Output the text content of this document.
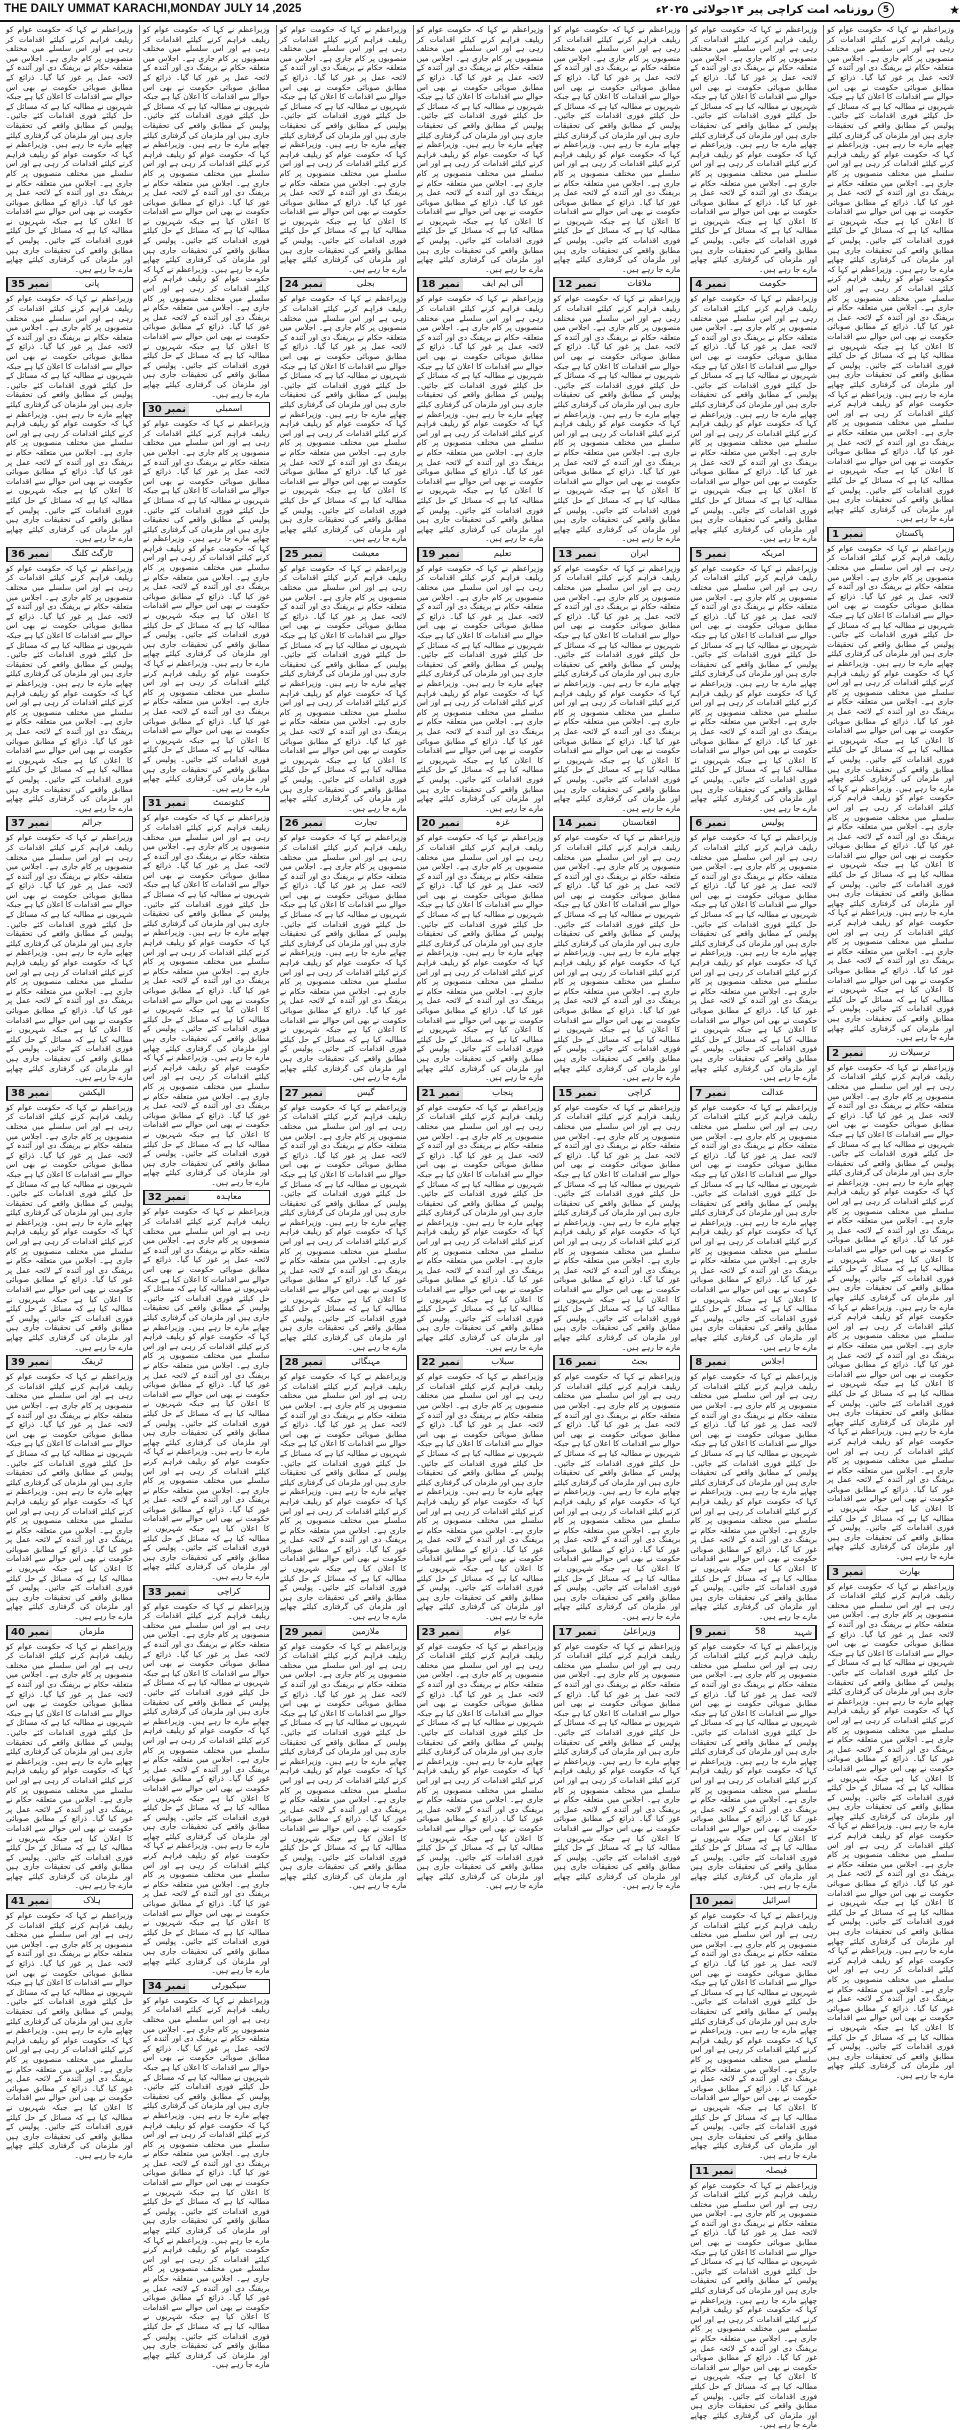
THE DAILY UMMAT KARACHI,MONDAY JULY 14 ,2025	5
روزنامہ امت کراچی پیر ۱۴جولائی ۲۰۲۵ء	★
وزیراعظم نے کہا کہ حکومت عوام کو ریلیف فراہم کرنے کیلئے اقدامات کر رہی ہے اور اس سلسلے میں مختلف منصوبوں پر کام جاری ہے۔ اجلاس میں متعلقہ حکام نے بریفنگ دی اور آئندہ کے لائحہ عمل پر غور کیا گیا۔ ذرائع کے مطابق صوبائی حکومت نے بھی اس حوالے سے اقدامات کا اعلان کیا ہے جبکہ شہریوں نے مطالبہ کیا ہے کہ مسائل کے حل کیلئے فوری اقدامات کئے جائیں۔ پولیس کے مطابق واقعے کی تحقیقات جاری ہیں اور ملزمان کی گرفتاری کیلئے چھاپے مارے جا رہے ہیں۔ وزیراعظم نے کہا کہ حکومت عوام کو ریلیف فراہم کرنے کیلئے اقدامات کر رہی ہے اور اس سلسلے میں مختلف منصوبوں پر کام جاری ہے۔ اجلاس میں متعلقہ حکام نے بریفنگ دی اور آئندہ کے لائحہ عمل پر غور کیا گیا۔ ذرائع کے مطابق صوبائی حکومت نے بھی اس حوالے سے اقدامات کا اعلان کیا ہے جبکہ شہریوں نے مطالبہ کیا ہے کہ مسائل کے حل کیلئے فوری اقدامات کئے جائیں۔ پولیس کے مطابق واقعے کی تحقیقات جاری ہیں اور ملزمان کی گرفتاری کیلئے چھاپے مارے جا رہے ہیں۔ وزیراعظم نے کہا کہ حکومت عوام کو ریلیف فراہم کرنے کیلئے اقدامات کر رہی ہے اور اس سلسلے میں مختلف منصوبوں پر کام جاری ہے۔ اجلاس میں متعلقہ حکام نے بریفنگ دی اور آئندہ کے لائحہ عمل پر غور کیا گیا۔ ذرائع کے مطابق صوبائی حکومت نے بھی اس حوالے سے اقدامات کا اعلان کیا ہے جبکہ شہریوں نے مطالبہ کیا ہے کہ مسائل کے حل کیلئے فوری اقدامات کئے جائیں۔ پولیس کے مطابق واقعے کی تحقیقات جاری ہیں اور ملزمان کی گرفتاری کیلئے چھاپے مارے جا رہے ہیں۔ وزیراعظم نے کہا کہ حکومت عوام کو ریلیف فراہم کرنے کیلئے اقدامات کر رہی ہے اور اس سلسلے میں مختلف منصوبوں پر کام جاری ہے۔ اجلاس میں متعلقہ حکام نے بریفنگ دی اور آئندہ کے لائحہ عمل پر غور کیا گیا۔ ذرائع کے مطابق صوبائی حکومت نے بھی اس حوالے سے اقدامات کا اعلان کیا ہے جبکہ شہریوں نے مطالبہ کیا ہے کہ مسائل کے حل کیلئے فوری اقدامات کئے جائیں۔ پولیس کے مطابق واقعے کی تحقیقات جاری ہیں اور ملزمان کی گرفتاری کیلئے چھاپے مارے جا رہے ہیں۔
نمبر 1	پاکستان
وزیراعظم نے کہا کہ حکومت عوام کو ریلیف فراہم کرنے کیلئے اقدامات کر رہی ہے اور اس سلسلے میں مختلف منصوبوں پر کام جاری ہے۔ اجلاس میں متعلقہ حکام نے بریفنگ دی اور آئندہ کے لائحہ عمل پر غور کیا گیا۔ ذرائع کے مطابق صوبائی حکومت نے بھی اس حوالے سے اقدامات کا اعلان کیا ہے جبکہ شہریوں نے مطالبہ کیا ہے کہ مسائل کے حل کیلئے فوری اقدامات کئے جائیں۔ پولیس کے مطابق واقعے کی تحقیقات جاری ہیں اور ملزمان کی گرفتاری کیلئے چھاپے مارے جا رہے ہیں۔ وزیراعظم نے کہا کہ حکومت عوام کو ریلیف فراہم کرنے کیلئے اقدامات کر رہی ہے اور اس سلسلے میں مختلف منصوبوں پر کام جاری ہے۔ اجلاس میں متعلقہ حکام نے بریفنگ دی اور آئندہ کے لائحہ عمل پر غور کیا گیا۔ ذرائع کے مطابق صوبائی حکومت نے بھی اس حوالے سے اقدامات کا اعلان کیا ہے جبکہ شہریوں نے مطالبہ کیا ہے کہ مسائل کے حل کیلئے فوری اقدامات کئے جائیں۔ پولیس کے مطابق واقعے کی تحقیقات جاری ہیں اور ملزمان کی گرفتاری کیلئے چھاپے مارے جا رہے ہیں۔ وزیراعظم نے کہا کہ حکومت عوام کو ریلیف فراہم کرنے کیلئے اقدامات کر رہی ہے اور اس سلسلے میں مختلف منصوبوں پر کام جاری ہے۔ اجلاس میں متعلقہ حکام نے بریفنگ دی اور آئندہ کے لائحہ عمل پر غور کیا گیا۔ ذرائع کے مطابق صوبائی حکومت نے بھی اس حوالے سے اقدامات کا اعلان کیا ہے جبکہ شہریوں نے مطالبہ کیا ہے کہ مسائل کے حل کیلئے فوری اقدامات کئے جائیں۔ پولیس کے مطابق واقعے کی تحقیقات جاری ہیں اور ملزمان کی گرفتاری کیلئے چھاپے مارے جا رہے ہیں۔ وزیراعظم نے کہا کہ حکومت عوام کو ریلیف فراہم کرنے کیلئے اقدامات کر رہی ہے اور اس سلسلے میں مختلف منصوبوں پر کام جاری ہے۔ اجلاس میں متعلقہ حکام نے بریفنگ دی اور آئندہ کے لائحہ عمل پر غور کیا گیا۔ ذرائع کے مطابق صوبائی حکومت نے بھی اس حوالے سے اقدامات کا اعلان کیا ہے جبکہ شہریوں نے مطالبہ کیا ہے کہ مسائل کے حل کیلئے فوری اقدامات کئے جائیں۔ پولیس کے مطابق واقعے کی تحقیقات جاری ہیں اور ملزمان کی گرفتاری کیلئے چھاپے مارے جا رہے ہیں۔
نمبر 2	ترسیلات زر
وزیراعظم نے کہا کہ حکومت عوام کو ریلیف فراہم کرنے کیلئے اقدامات کر رہی ہے اور اس سلسلے میں مختلف منصوبوں پر کام جاری ہے۔ اجلاس میں متعلقہ حکام نے بریفنگ دی اور آئندہ کے لائحہ عمل پر غور کیا گیا۔ ذرائع کے مطابق صوبائی حکومت نے بھی اس حوالے سے اقدامات کا اعلان کیا ہے جبکہ شہریوں نے مطالبہ کیا ہے کہ مسائل کے حل کیلئے فوری اقدامات کئے جائیں۔ پولیس کے مطابق واقعے کی تحقیقات جاری ہیں اور ملزمان کی گرفتاری کیلئے چھاپے مارے جا رہے ہیں۔ وزیراعظم نے کہا کہ حکومت عوام کو ریلیف فراہم کرنے کیلئے اقدامات کر رہی ہے اور اس سلسلے میں مختلف منصوبوں پر کام جاری ہے۔ اجلاس میں متعلقہ حکام نے بریفنگ دی اور آئندہ کے لائحہ عمل پر غور کیا گیا۔ ذرائع کے مطابق صوبائی حکومت نے بھی اس حوالے سے اقدامات کا اعلان کیا ہے جبکہ شہریوں نے مطالبہ کیا ہے کہ مسائل کے حل کیلئے فوری اقدامات کئے جائیں۔ پولیس کے مطابق واقعے کی تحقیقات جاری ہیں اور ملزمان کی گرفتاری کیلئے چھاپے مارے جا رہے ہیں۔ وزیراعظم نے کہا کہ حکومت عوام کو ریلیف فراہم کرنے کیلئے اقدامات کر رہی ہے اور اس سلسلے میں مختلف منصوبوں پر کام جاری ہے۔ اجلاس میں متعلقہ حکام نے بریفنگ دی اور آئندہ کے لائحہ عمل پر غور کیا گیا۔ ذرائع کے مطابق صوبائی حکومت نے بھی اس حوالے سے اقدامات کا اعلان کیا ہے جبکہ شہریوں نے مطالبہ کیا ہے کہ مسائل کے حل کیلئے فوری اقدامات کئے جائیں۔ پولیس کے مطابق واقعے کی تحقیقات جاری ہیں اور ملزمان کی گرفتاری کیلئے چھاپے مارے جا رہے ہیں۔ وزیراعظم نے کہا کہ حکومت عوام کو ریلیف فراہم کرنے کیلئے اقدامات کر رہی ہے اور اس سلسلے میں مختلف منصوبوں پر کام جاری ہے۔ اجلاس میں متعلقہ حکام نے بریفنگ دی اور آئندہ کے لائحہ عمل پر غور کیا گیا۔ ذرائع کے مطابق صوبائی حکومت نے بھی اس حوالے سے اقدامات کا اعلان کیا ہے جبکہ شہریوں نے مطالبہ کیا ہے کہ مسائل کے حل کیلئے فوری اقدامات کئے جائیں۔ پولیس کے مطابق واقعے کی تحقیقات جاری ہیں اور ملزمان کی گرفتاری کیلئے چھاپے مارے جا رہے ہیں۔
نمبر 3	بھارت
وزیراعظم نے کہا کہ حکومت عوام کو ریلیف فراہم کرنے کیلئے اقدامات کر رہی ہے اور اس سلسلے میں مختلف منصوبوں پر کام جاری ہے۔ اجلاس میں متعلقہ حکام نے بریفنگ دی اور آئندہ کے لائحہ عمل پر غور کیا گیا۔ ذرائع کے مطابق صوبائی حکومت نے بھی اس حوالے سے اقدامات کا اعلان کیا ہے جبکہ شہریوں نے مطالبہ کیا ہے کہ مسائل کے حل کیلئے فوری اقدامات کئے جائیں۔ پولیس کے مطابق واقعے کی تحقیقات جاری ہیں اور ملزمان کی گرفتاری کیلئے چھاپے مارے جا رہے ہیں۔ وزیراعظم نے کہا کہ حکومت عوام کو ریلیف فراہم کرنے کیلئے اقدامات کر رہی ہے اور اس سلسلے میں مختلف منصوبوں پر کام جاری ہے۔ اجلاس میں متعلقہ حکام نے بریفنگ دی اور آئندہ کے لائحہ عمل پر غور کیا گیا۔ ذرائع کے مطابق صوبائی حکومت نے بھی اس حوالے سے اقدامات کا اعلان کیا ہے جبکہ شہریوں نے مطالبہ کیا ہے کہ مسائل کے حل کیلئے فوری اقدامات کئے جائیں۔ پولیس کے مطابق واقعے کی تحقیقات جاری ہیں اور ملزمان کی گرفتاری کیلئے چھاپے مارے جا رہے ہیں۔ وزیراعظم نے کہا کہ حکومت عوام کو ریلیف فراہم کرنے کیلئے اقدامات کر رہی ہے اور اس سلسلے میں مختلف منصوبوں پر کام جاری ہے۔ اجلاس میں متعلقہ حکام نے بریفنگ دی اور آئندہ کے لائحہ عمل پر غور کیا گیا۔ ذرائع کے مطابق صوبائی حکومت نے بھی اس حوالے سے اقدامات کا اعلان کیا ہے جبکہ شہریوں نے مطالبہ کیا ہے کہ مسائل کے حل کیلئے فوری اقدامات کئے جائیں۔ پولیس کے مطابق واقعے کی تحقیقات جاری ہیں اور ملزمان کی گرفتاری کیلئے چھاپے مارے جا رہے ہیں۔ وزیراعظم نے کہا کہ حکومت عوام کو ریلیف فراہم کرنے کیلئے اقدامات کر رہی ہے اور اس سلسلے میں مختلف منصوبوں پر کام جاری ہے۔ اجلاس میں متعلقہ حکام نے بریفنگ دی اور آئندہ کے لائحہ عمل پر غور کیا گیا۔ ذرائع کے مطابق صوبائی حکومت نے بھی اس حوالے سے اقدامات کا اعلان کیا ہے جبکہ شہریوں نے مطالبہ کیا ہے کہ مسائل کے حل کیلئے فوری اقدامات کئے جائیں۔ پولیس کے مطابق واقعے کی تحقیقات جاری ہیں اور ملزمان کی گرفتاری کیلئے چھاپے مارے جا رہے ہیں۔
وزیراعظم نے کہا کہ حکومت عوام کو ریلیف فراہم کرنے کیلئے اقدامات کر رہی ہے اور اس سلسلے میں مختلف منصوبوں پر کام جاری ہے۔ اجلاس میں متعلقہ حکام نے بریفنگ دی اور آئندہ کے لائحہ عمل پر غور کیا گیا۔ ذرائع کے مطابق صوبائی حکومت نے بھی اس حوالے سے اقدامات کا اعلان کیا ہے جبکہ شہریوں نے مطالبہ کیا ہے کہ مسائل کے حل کیلئے فوری اقدامات کئے جائیں۔ پولیس کے مطابق واقعے کی تحقیقات جاری ہیں اور ملزمان کی گرفتاری کیلئے چھاپے مارے جا رہے ہیں۔ وزیراعظم نے کہا کہ حکومت عوام کو ریلیف فراہم کرنے کیلئے اقدامات کر رہی ہے اور اس سلسلے میں مختلف منصوبوں پر کام جاری ہے۔ اجلاس میں متعلقہ حکام نے بریفنگ دی اور آئندہ کے لائحہ عمل پر غور کیا گیا۔ ذرائع کے مطابق صوبائی حکومت نے بھی اس حوالے سے اقدامات کا اعلان کیا ہے جبکہ شہریوں نے مطالبہ کیا ہے کہ مسائل کے حل کیلئے فوری اقدامات کئے جائیں۔ پولیس کے مطابق واقعے کی تحقیقات جاری ہیں اور ملزمان کی گرفتاری کیلئے چھاپے مارے جا رہے ہیں۔
نمبر 4	حکومت
وزیراعظم نے کہا کہ حکومت عوام کو ریلیف فراہم کرنے کیلئے اقدامات کر رہی ہے اور اس سلسلے میں مختلف منصوبوں پر کام جاری ہے۔ اجلاس میں متعلقہ حکام نے بریفنگ دی اور آئندہ کے لائحہ عمل پر غور کیا گیا۔ ذرائع کے مطابق صوبائی حکومت نے بھی اس حوالے سے اقدامات کا اعلان کیا ہے جبکہ شہریوں نے مطالبہ کیا ہے کہ مسائل کے حل کیلئے فوری اقدامات کئے جائیں۔ پولیس کے مطابق واقعے کی تحقیقات جاری ہیں اور ملزمان کی گرفتاری کیلئے چھاپے مارے جا رہے ہیں۔ وزیراعظم نے کہا کہ حکومت عوام کو ریلیف فراہم کرنے کیلئے اقدامات کر رہی ہے اور اس سلسلے میں مختلف منصوبوں پر کام جاری ہے۔ اجلاس میں متعلقہ حکام نے بریفنگ دی اور آئندہ کے لائحہ عمل پر غور کیا گیا۔ ذرائع کے مطابق صوبائی حکومت نے بھی اس حوالے سے اقدامات کا اعلان کیا ہے جبکہ شہریوں نے مطالبہ کیا ہے کہ مسائل کے حل کیلئے فوری اقدامات کئے جائیں۔ پولیس کے مطابق واقعے کی تحقیقات جاری ہیں اور ملزمان کی گرفتاری کیلئے چھاپے مارے جا رہے ہیں۔
نمبر 5	امریکہ
وزیراعظم نے کہا کہ حکومت عوام کو ریلیف فراہم کرنے کیلئے اقدامات کر رہی ہے اور اس سلسلے میں مختلف منصوبوں پر کام جاری ہے۔ اجلاس میں متعلقہ حکام نے بریفنگ دی اور آئندہ کے لائحہ عمل پر غور کیا گیا۔ ذرائع کے مطابق صوبائی حکومت نے بھی اس حوالے سے اقدامات کا اعلان کیا ہے جبکہ شہریوں نے مطالبہ کیا ہے کہ مسائل کے حل کیلئے فوری اقدامات کئے جائیں۔ پولیس کے مطابق واقعے کی تحقیقات جاری ہیں اور ملزمان کی گرفتاری کیلئے چھاپے مارے جا رہے ہیں۔ وزیراعظم نے کہا کہ حکومت عوام کو ریلیف فراہم کرنے کیلئے اقدامات کر رہی ہے اور اس سلسلے میں مختلف منصوبوں پر کام جاری ہے۔ اجلاس میں متعلقہ حکام نے بریفنگ دی اور آئندہ کے لائحہ عمل پر غور کیا گیا۔ ذرائع کے مطابق صوبائی حکومت نے بھی اس حوالے سے اقدامات کا اعلان کیا ہے جبکہ شہریوں نے مطالبہ کیا ہے کہ مسائل کے حل کیلئے فوری اقدامات کئے جائیں۔ پولیس کے مطابق واقعے کی تحقیقات جاری ہیں اور ملزمان کی گرفتاری کیلئے چھاپے مارے جا رہے ہیں۔
نمبر 6	پولیس
وزیراعظم نے کہا کہ حکومت عوام کو ریلیف فراہم کرنے کیلئے اقدامات کر رہی ہے اور اس سلسلے میں مختلف منصوبوں پر کام جاری ہے۔ اجلاس میں متعلقہ حکام نے بریفنگ دی اور آئندہ کے لائحہ عمل پر غور کیا گیا۔ ذرائع کے مطابق صوبائی حکومت نے بھی اس حوالے سے اقدامات کا اعلان کیا ہے جبکہ شہریوں نے مطالبہ کیا ہے کہ مسائل کے حل کیلئے فوری اقدامات کئے جائیں۔ پولیس کے مطابق واقعے کی تحقیقات جاری ہیں اور ملزمان کی گرفتاری کیلئے چھاپے مارے جا رہے ہیں۔ وزیراعظم نے کہا کہ حکومت عوام کو ریلیف فراہم کرنے کیلئے اقدامات کر رہی ہے اور اس سلسلے میں مختلف منصوبوں پر کام جاری ہے۔ اجلاس میں متعلقہ حکام نے بریفنگ دی اور آئندہ کے لائحہ عمل پر غور کیا گیا۔ ذرائع کے مطابق صوبائی حکومت نے بھی اس حوالے سے اقدامات کا اعلان کیا ہے جبکہ شہریوں نے مطالبہ کیا ہے کہ مسائل کے حل کیلئے فوری اقدامات کئے جائیں۔ پولیس کے مطابق واقعے کی تحقیقات جاری ہیں اور ملزمان کی گرفتاری کیلئے چھاپے مارے جا رہے ہیں۔
نمبر 7	عدالت
وزیراعظم نے کہا کہ حکومت عوام کو ریلیف فراہم کرنے کیلئے اقدامات کر رہی ہے اور اس سلسلے میں مختلف منصوبوں پر کام جاری ہے۔ اجلاس میں متعلقہ حکام نے بریفنگ دی اور آئندہ کے لائحہ عمل پر غور کیا گیا۔ ذرائع کے مطابق صوبائی حکومت نے بھی اس حوالے سے اقدامات کا اعلان کیا ہے جبکہ شہریوں نے مطالبہ کیا ہے کہ مسائل کے حل کیلئے فوری اقدامات کئے جائیں۔ پولیس کے مطابق واقعے کی تحقیقات جاری ہیں اور ملزمان کی گرفتاری کیلئے چھاپے مارے جا رہے ہیں۔ وزیراعظم نے کہا کہ حکومت عوام کو ریلیف فراہم کرنے کیلئے اقدامات کر رہی ہے اور اس سلسلے میں مختلف منصوبوں پر کام جاری ہے۔ اجلاس میں متعلقہ حکام نے بریفنگ دی اور آئندہ کے لائحہ عمل پر غور کیا گیا۔ ذرائع کے مطابق صوبائی حکومت نے بھی اس حوالے سے اقدامات کا اعلان کیا ہے جبکہ شہریوں نے مطالبہ کیا ہے کہ مسائل کے حل کیلئے فوری اقدامات کئے جائیں۔ پولیس کے مطابق واقعے کی تحقیقات جاری ہیں اور ملزمان کی گرفتاری کیلئے چھاپے مارے جا رہے ہیں۔
نمبر 8	اجلاس
وزیراعظم نے کہا کہ حکومت عوام کو ریلیف فراہم کرنے کیلئے اقدامات کر رہی ہے اور اس سلسلے میں مختلف منصوبوں پر کام جاری ہے۔ اجلاس میں متعلقہ حکام نے بریفنگ دی اور آئندہ کے لائحہ عمل پر غور کیا گیا۔ ذرائع کے مطابق صوبائی حکومت نے بھی اس حوالے سے اقدامات کا اعلان کیا ہے جبکہ شہریوں نے مطالبہ کیا ہے کہ مسائل کے حل کیلئے فوری اقدامات کئے جائیں۔ پولیس کے مطابق واقعے کی تحقیقات جاری ہیں اور ملزمان کی گرفتاری کیلئے چھاپے مارے جا رہے ہیں۔ وزیراعظم نے کہا کہ حکومت عوام کو ریلیف فراہم کرنے کیلئے اقدامات کر رہی ہے اور اس سلسلے میں مختلف منصوبوں پر کام جاری ہے۔ اجلاس میں متعلقہ حکام نے بریفنگ دی اور آئندہ کے لائحہ عمل پر غور کیا گیا۔ ذرائع کے مطابق صوبائی حکومت نے بھی اس حوالے سے اقدامات کا اعلان کیا ہے جبکہ شہریوں نے مطالبہ کیا ہے کہ مسائل کے حل کیلئے فوری اقدامات کئے جائیں۔ پولیس کے مطابق واقعے کی تحقیقات جاری ہیں اور ملزمان کی گرفتاری کیلئے چھاپے مارے جا رہے ہیں۔
نمبر 9	58	شہید
وزیراعظم نے کہا کہ حکومت عوام کو ریلیف فراہم کرنے کیلئے اقدامات کر رہی ہے اور اس سلسلے میں مختلف منصوبوں پر کام جاری ہے۔ اجلاس میں متعلقہ حکام نے بریفنگ دی اور آئندہ کے لائحہ عمل پر غور کیا گیا۔ ذرائع کے مطابق صوبائی حکومت نے بھی اس حوالے سے اقدامات کا اعلان کیا ہے جبکہ شہریوں نے مطالبہ کیا ہے کہ مسائل کے حل کیلئے فوری اقدامات کئے جائیں۔ پولیس کے مطابق واقعے کی تحقیقات جاری ہیں اور ملزمان کی گرفتاری کیلئے چھاپے مارے جا رہے ہیں۔ وزیراعظم نے کہا کہ حکومت عوام کو ریلیف فراہم کرنے کیلئے اقدامات کر رہی ہے اور اس سلسلے میں مختلف منصوبوں پر کام جاری ہے۔ اجلاس میں متعلقہ حکام نے بریفنگ دی اور آئندہ کے لائحہ عمل پر غور کیا گیا۔ ذرائع کے مطابق صوبائی حکومت نے بھی اس حوالے سے اقدامات کا اعلان کیا ہے جبکہ شہریوں نے مطالبہ کیا ہے کہ مسائل کے حل کیلئے فوری اقدامات کئے جائیں۔ پولیس کے مطابق واقعے کی تحقیقات جاری ہیں اور ملزمان کی گرفتاری کیلئے چھاپے مارے جا رہے ہیں۔
نمبر 10	اسرائیل
وزیراعظم نے کہا کہ حکومت عوام کو ریلیف فراہم کرنے کیلئے اقدامات کر رہی ہے اور اس سلسلے میں مختلف منصوبوں پر کام جاری ہے۔ اجلاس میں متعلقہ حکام نے بریفنگ دی اور آئندہ کے لائحہ عمل پر غور کیا گیا۔ ذرائع کے مطابق صوبائی حکومت نے بھی اس حوالے سے اقدامات کا اعلان کیا ہے جبکہ شہریوں نے مطالبہ کیا ہے کہ مسائل کے حل کیلئے فوری اقدامات کئے جائیں۔ پولیس کے مطابق واقعے کی تحقیقات جاری ہیں اور ملزمان کی گرفتاری کیلئے چھاپے مارے جا رہے ہیں۔ وزیراعظم نے کہا کہ حکومت عوام کو ریلیف فراہم کرنے کیلئے اقدامات کر رہی ہے اور اس سلسلے میں مختلف منصوبوں پر کام جاری ہے۔ اجلاس میں متعلقہ حکام نے بریفنگ دی اور آئندہ کے لائحہ عمل پر غور کیا گیا۔ ذرائع کے مطابق صوبائی حکومت نے بھی اس حوالے سے اقدامات کا اعلان کیا ہے جبکہ شہریوں نے مطالبہ کیا ہے کہ مسائل کے حل کیلئے فوری اقدامات کئے جائیں۔ پولیس کے مطابق واقعے کی تحقیقات جاری ہیں اور ملزمان کی گرفتاری کیلئے چھاپے مارے جا رہے ہیں۔
نمبر 11	فیصلہ
وزیراعظم نے کہا کہ حکومت عوام کو ریلیف فراہم کرنے کیلئے اقدامات کر رہی ہے اور اس سلسلے میں مختلف منصوبوں پر کام جاری ہے۔ اجلاس میں متعلقہ حکام نے بریفنگ دی اور آئندہ کے لائحہ عمل پر غور کیا گیا۔ ذرائع کے مطابق صوبائی حکومت نے بھی اس حوالے سے اقدامات کا اعلان کیا ہے جبکہ شہریوں نے مطالبہ کیا ہے کہ مسائل کے حل کیلئے فوری اقدامات کئے جائیں۔ پولیس کے مطابق واقعے کی تحقیقات جاری ہیں اور ملزمان کی گرفتاری کیلئے چھاپے مارے جا رہے ہیں۔ وزیراعظم نے کہا کہ حکومت عوام کو ریلیف فراہم کرنے کیلئے اقدامات کر رہی ہے اور اس سلسلے میں مختلف منصوبوں پر کام جاری ہے۔ اجلاس میں متعلقہ حکام نے بریفنگ دی اور آئندہ کے لائحہ عمل پر غور کیا گیا۔ ذرائع کے مطابق صوبائی حکومت نے بھی اس حوالے سے اقدامات کا اعلان کیا ہے جبکہ شہریوں نے مطالبہ کیا ہے کہ مسائل کے حل کیلئے فوری اقدامات کئے جائیں۔ پولیس کے مطابق واقعے کی تحقیقات جاری ہیں اور ملزمان کی گرفتاری کیلئے چھاپے مارے جا رہے ہیں۔
وزیراعظم نے کہا کہ حکومت عوام کو ریلیف فراہم کرنے کیلئے اقدامات کر رہی ہے اور اس سلسلے میں مختلف منصوبوں پر کام جاری ہے۔ اجلاس میں متعلقہ حکام نے بریفنگ دی اور آئندہ کے لائحہ عمل پر غور کیا گیا۔ ذرائع کے مطابق صوبائی حکومت نے بھی اس حوالے سے اقدامات کا اعلان کیا ہے جبکہ شہریوں نے مطالبہ کیا ہے کہ مسائل کے حل کیلئے فوری اقدامات کئے جائیں۔ پولیس کے مطابق واقعے کی تحقیقات جاری ہیں اور ملزمان کی گرفتاری کیلئے چھاپے مارے جا رہے ہیں۔ وزیراعظم نے کہا کہ حکومت عوام کو ریلیف فراہم کرنے کیلئے اقدامات کر رہی ہے اور اس سلسلے میں مختلف منصوبوں پر کام جاری ہے۔ اجلاس میں متعلقہ حکام نے بریفنگ دی اور آئندہ کے لائحہ عمل پر غور کیا گیا۔ ذرائع کے مطابق صوبائی حکومت نے بھی اس حوالے سے اقدامات کا اعلان کیا ہے جبکہ شہریوں نے مطالبہ کیا ہے کہ مسائل کے حل کیلئے فوری اقدامات کئے جائیں۔ پولیس کے مطابق واقعے کی تحقیقات جاری ہیں اور ملزمان کی گرفتاری کیلئے چھاپے مارے جا رہے ہیں۔
نمبر 12	ملاقات
وزیراعظم نے کہا کہ حکومت عوام کو ریلیف فراہم کرنے کیلئے اقدامات کر رہی ہے اور اس سلسلے میں مختلف منصوبوں پر کام جاری ہے۔ اجلاس میں متعلقہ حکام نے بریفنگ دی اور آئندہ کے لائحہ عمل پر غور کیا گیا۔ ذرائع کے مطابق صوبائی حکومت نے بھی اس حوالے سے اقدامات کا اعلان کیا ہے جبکہ شہریوں نے مطالبہ کیا ہے کہ مسائل کے حل کیلئے فوری اقدامات کئے جائیں۔ پولیس کے مطابق واقعے کی تحقیقات جاری ہیں اور ملزمان کی گرفتاری کیلئے چھاپے مارے جا رہے ہیں۔ وزیراعظم نے کہا کہ حکومت عوام کو ریلیف فراہم کرنے کیلئے اقدامات کر رہی ہے اور اس سلسلے میں مختلف منصوبوں پر کام جاری ہے۔ اجلاس میں متعلقہ حکام نے بریفنگ دی اور آئندہ کے لائحہ عمل پر غور کیا گیا۔ ذرائع کے مطابق صوبائی حکومت نے بھی اس حوالے سے اقدامات کا اعلان کیا ہے جبکہ شہریوں نے مطالبہ کیا ہے کہ مسائل کے حل کیلئے فوری اقدامات کئے جائیں۔ پولیس کے مطابق واقعے کی تحقیقات جاری ہیں اور ملزمان کی گرفتاری کیلئے چھاپے مارے جا رہے ہیں۔
نمبر 13	ایران
وزیراعظم نے کہا کہ حکومت عوام کو ریلیف فراہم کرنے کیلئے اقدامات کر رہی ہے اور اس سلسلے میں مختلف منصوبوں پر کام جاری ہے۔ اجلاس میں متعلقہ حکام نے بریفنگ دی اور آئندہ کے لائحہ عمل پر غور کیا گیا۔ ذرائع کے مطابق صوبائی حکومت نے بھی اس حوالے سے اقدامات کا اعلان کیا ہے جبکہ شہریوں نے مطالبہ کیا ہے کہ مسائل کے حل کیلئے فوری اقدامات کئے جائیں۔ پولیس کے مطابق واقعے کی تحقیقات جاری ہیں اور ملزمان کی گرفتاری کیلئے چھاپے مارے جا رہے ہیں۔ وزیراعظم نے کہا کہ حکومت عوام کو ریلیف فراہم کرنے کیلئے اقدامات کر رہی ہے اور اس سلسلے میں مختلف منصوبوں پر کام جاری ہے۔ اجلاس میں متعلقہ حکام نے بریفنگ دی اور آئندہ کے لائحہ عمل پر غور کیا گیا۔ ذرائع کے مطابق صوبائی حکومت نے بھی اس حوالے سے اقدامات کا اعلان کیا ہے جبکہ شہریوں نے مطالبہ کیا ہے کہ مسائل کے حل کیلئے فوری اقدامات کئے جائیں۔ پولیس کے مطابق واقعے کی تحقیقات جاری ہیں اور ملزمان کی گرفتاری کیلئے چھاپے مارے جا رہے ہیں۔
نمبر 14	افغانستان
وزیراعظم نے کہا کہ حکومت عوام کو ریلیف فراہم کرنے کیلئے اقدامات کر رہی ہے اور اس سلسلے میں مختلف منصوبوں پر کام جاری ہے۔ اجلاس میں متعلقہ حکام نے بریفنگ دی اور آئندہ کے لائحہ عمل پر غور کیا گیا۔ ذرائع کے مطابق صوبائی حکومت نے بھی اس حوالے سے اقدامات کا اعلان کیا ہے جبکہ شہریوں نے مطالبہ کیا ہے کہ مسائل کے حل کیلئے فوری اقدامات کئے جائیں۔ پولیس کے مطابق واقعے کی تحقیقات جاری ہیں اور ملزمان کی گرفتاری کیلئے چھاپے مارے جا رہے ہیں۔ وزیراعظم نے کہا کہ حکومت عوام کو ریلیف فراہم کرنے کیلئے اقدامات کر رہی ہے اور اس سلسلے میں مختلف منصوبوں پر کام جاری ہے۔ اجلاس میں متعلقہ حکام نے بریفنگ دی اور آئندہ کے لائحہ عمل پر غور کیا گیا۔ ذرائع کے مطابق صوبائی حکومت نے بھی اس حوالے سے اقدامات کا اعلان کیا ہے جبکہ شہریوں نے مطالبہ کیا ہے کہ مسائل کے حل کیلئے فوری اقدامات کئے جائیں۔ پولیس کے مطابق واقعے کی تحقیقات جاری ہیں اور ملزمان کی گرفتاری کیلئے چھاپے مارے جا رہے ہیں۔
نمبر 15	کراچی
وزیراعظم نے کہا کہ حکومت عوام کو ریلیف فراہم کرنے کیلئے اقدامات کر رہی ہے اور اس سلسلے میں مختلف منصوبوں پر کام جاری ہے۔ اجلاس میں متعلقہ حکام نے بریفنگ دی اور آئندہ کے لائحہ عمل پر غور کیا گیا۔ ذرائع کے مطابق صوبائی حکومت نے بھی اس حوالے سے اقدامات کا اعلان کیا ہے جبکہ شہریوں نے مطالبہ کیا ہے کہ مسائل کے حل کیلئے فوری اقدامات کئے جائیں۔ پولیس کے مطابق واقعے کی تحقیقات جاری ہیں اور ملزمان کی گرفتاری کیلئے چھاپے مارے جا رہے ہیں۔ وزیراعظم نے کہا کہ حکومت عوام کو ریلیف فراہم کرنے کیلئے اقدامات کر رہی ہے اور اس سلسلے میں مختلف منصوبوں پر کام جاری ہے۔ اجلاس میں متعلقہ حکام نے بریفنگ دی اور آئندہ کے لائحہ عمل پر غور کیا گیا۔ ذرائع کے مطابق صوبائی حکومت نے بھی اس حوالے سے اقدامات کا اعلان کیا ہے جبکہ شہریوں نے مطالبہ کیا ہے کہ مسائل کے حل کیلئے فوری اقدامات کئے جائیں۔ پولیس کے مطابق واقعے کی تحقیقات جاری ہیں اور ملزمان کی گرفتاری کیلئے چھاپے مارے جا رہے ہیں۔
نمبر 16	بجٹ
وزیراعظم نے کہا کہ حکومت عوام کو ریلیف فراہم کرنے کیلئے اقدامات کر رہی ہے اور اس سلسلے میں مختلف منصوبوں پر کام جاری ہے۔ اجلاس میں متعلقہ حکام نے بریفنگ دی اور آئندہ کے لائحہ عمل پر غور کیا گیا۔ ذرائع کے مطابق صوبائی حکومت نے بھی اس حوالے سے اقدامات کا اعلان کیا ہے جبکہ شہریوں نے مطالبہ کیا ہے کہ مسائل کے حل کیلئے فوری اقدامات کئے جائیں۔ پولیس کے مطابق واقعے کی تحقیقات جاری ہیں اور ملزمان کی گرفتاری کیلئے چھاپے مارے جا رہے ہیں۔ وزیراعظم نے کہا کہ حکومت عوام کو ریلیف فراہم کرنے کیلئے اقدامات کر رہی ہے اور اس سلسلے میں مختلف منصوبوں پر کام جاری ہے۔ اجلاس میں متعلقہ حکام نے بریفنگ دی اور آئندہ کے لائحہ عمل پر غور کیا گیا۔ ذرائع کے مطابق صوبائی حکومت نے بھی اس حوالے سے اقدامات کا اعلان کیا ہے جبکہ شہریوں نے مطالبہ کیا ہے کہ مسائل کے حل کیلئے فوری اقدامات کئے جائیں۔ پولیس کے مطابق واقعے کی تحقیقات جاری ہیں اور ملزمان کی گرفتاری کیلئے چھاپے مارے جا رہے ہیں۔
نمبر 17	وزیراعلیٰ
وزیراعظم نے کہا کہ حکومت عوام کو ریلیف فراہم کرنے کیلئے اقدامات کر رہی ہے اور اس سلسلے میں مختلف منصوبوں پر کام جاری ہے۔ اجلاس میں متعلقہ حکام نے بریفنگ دی اور آئندہ کے لائحہ عمل پر غور کیا گیا۔ ذرائع کے مطابق صوبائی حکومت نے بھی اس حوالے سے اقدامات کا اعلان کیا ہے جبکہ شہریوں نے مطالبہ کیا ہے کہ مسائل کے حل کیلئے فوری اقدامات کئے جائیں۔ پولیس کے مطابق واقعے کی تحقیقات جاری ہیں اور ملزمان کی گرفتاری کیلئے چھاپے مارے جا رہے ہیں۔ وزیراعظم نے کہا کہ حکومت عوام کو ریلیف فراہم کرنے کیلئے اقدامات کر رہی ہے اور اس سلسلے میں مختلف منصوبوں پر کام جاری ہے۔ اجلاس میں متعلقہ حکام نے بریفنگ دی اور آئندہ کے لائحہ عمل پر غور کیا گیا۔ ذرائع کے مطابق صوبائی حکومت نے بھی اس حوالے سے اقدامات کا اعلان کیا ہے جبکہ شہریوں نے مطالبہ کیا ہے کہ مسائل کے حل کیلئے فوری اقدامات کئے جائیں۔ پولیس کے مطابق واقعے کی تحقیقات جاری ہیں اور ملزمان کی گرفتاری کیلئے چھاپے مارے جا رہے ہیں۔
وزیراعظم نے کہا کہ حکومت عوام کو ریلیف فراہم کرنے کیلئے اقدامات کر رہی ہے اور اس سلسلے میں مختلف منصوبوں پر کام جاری ہے۔ اجلاس میں متعلقہ حکام نے بریفنگ دی اور آئندہ کے لائحہ عمل پر غور کیا گیا۔ ذرائع کے مطابق صوبائی حکومت نے بھی اس حوالے سے اقدامات کا اعلان کیا ہے جبکہ شہریوں نے مطالبہ کیا ہے کہ مسائل کے حل کیلئے فوری اقدامات کئے جائیں۔ پولیس کے مطابق واقعے کی تحقیقات جاری ہیں اور ملزمان کی گرفتاری کیلئے چھاپے مارے جا رہے ہیں۔ وزیراعظم نے کہا کہ حکومت عوام کو ریلیف فراہم کرنے کیلئے اقدامات کر رہی ہے اور اس سلسلے میں مختلف منصوبوں پر کام جاری ہے۔ اجلاس میں متعلقہ حکام نے بریفنگ دی اور آئندہ کے لائحہ عمل پر غور کیا گیا۔ ذرائع کے مطابق صوبائی حکومت نے بھی اس حوالے سے اقدامات کا اعلان کیا ہے جبکہ شہریوں نے مطالبہ کیا ہے کہ مسائل کے حل کیلئے فوری اقدامات کئے جائیں۔ پولیس کے مطابق واقعے کی تحقیقات جاری ہیں اور ملزمان کی گرفتاری کیلئے چھاپے مارے جا رہے ہیں۔
نمبر 18	آئی ایم ایف
وزیراعظم نے کہا کہ حکومت عوام کو ریلیف فراہم کرنے کیلئے اقدامات کر رہی ہے اور اس سلسلے میں مختلف منصوبوں پر کام جاری ہے۔ اجلاس میں متعلقہ حکام نے بریفنگ دی اور آئندہ کے لائحہ عمل پر غور کیا گیا۔ ذرائع کے مطابق صوبائی حکومت نے بھی اس حوالے سے اقدامات کا اعلان کیا ہے جبکہ شہریوں نے مطالبہ کیا ہے کہ مسائل کے حل کیلئے فوری اقدامات کئے جائیں۔ پولیس کے مطابق واقعے کی تحقیقات جاری ہیں اور ملزمان کی گرفتاری کیلئے چھاپے مارے جا رہے ہیں۔ وزیراعظم نے کہا کہ حکومت عوام کو ریلیف فراہم کرنے کیلئے اقدامات کر رہی ہے اور اس سلسلے میں مختلف منصوبوں پر کام جاری ہے۔ اجلاس میں متعلقہ حکام نے بریفنگ دی اور آئندہ کے لائحہ عمل پر غور کیا گیا۔ ذرائع کے مطابق صوبائی حکومت نے بھی اس حوالے سے اقدامات کا اعلان کیا ہے جبکہ شہریوں نے مطالبہ کیا ہے کہ مسائل کے حل کیلئے فوری اقدامات کئے جائیں۔ پولیس کے مطابق واقعے کی تحقیقات جاری ہیں اور ملزمان کی گرفتاری کیلئے چھاپے مارے جا رہے ہیں۔
نمبر 19	تعلیم
وزیراعظم نے کہا کہ حکومت عوام کو ریلیف فراہم کرنے کیلئے اقدامات کر رہی ہے اور اس سلسلے میں مختلف منصوبوں پر کام جاری ہے۔ اجلاس میں متعلقہ حکام نے بریفنگ دی اور آئندہ کے لائحہ عمل پر غور کیا گیا۔ ذرائع کے مطابق صوبائی حکومت نے بھی اس حوالے سے اقدامات کا اعلان کیا ہے جبکہ شہریوں نے مطالبہ کیا ہے کہ مسائل کے حل کیلئے فوری اقدامات کئے جائیں۔ پولیس کے مطابق واقعے کی تحقیقات جاری ہیں اور ملزمان کی گرفتاری کیلئے چھاپے مارے جا رہے ہیں۔ وزیراعظم نے کہا کہ حکومت عوام کو ریلیف فراہم کرنے کیلئے اقدامات کر رہی ہے اور اس سلسلے میں مختلف منصوبوں پر کام جاری ہے۔ اجلاس میں متعلقہ حکام نے بریفنگ دی اور آئندہ کے لائحہ عمل پر غور کیا گیا۔ ذرائع کے مطابق صوبائی حکومت نے بھی اس حوالے سے اقدامات کا اعلان کیا ہے جبکہ شہریوں نے مطالبہ کیا ہے کہ مسائل کے حل کیلئے فوری اقدامات کئے جائیں۔ پولیس کے مطابق واقعے کی تحقیقات جاری ہیں اور ملزمان کی گرفتاری کیلئے چھاپے مارے جا رہے ہیں۔
نمبر 20	غزہ
وزیراعظم نے کہا کہ حکومت عوام کو ریلیف فراہم کرنے کیلئے اقدامات کر رہی ہے اور اس سلسلے میں مختلف منصوبوں پر کام جاری ہے۔ اجلاس میں متعلقہ حکام نے بریفنگ دی اور آئندہ کے لائحہ عمل پر غور کیا گیا۔ ذرائع کے مطابق صوبائی حکومت نے بھی اس حوالے سے اقدامات کا اعلان کیا ہے جبکہ شہریوں نے مطالبہ کیا ہے کہ مسائل کے حل کیلئے فوری اقدامات کئے جائیں۔ پولیس کے مطابق واقعے کی تحقیقات جاری ہیں اور ملزمان کی گرفتاری کیلئے چھاپے مارے جا رہے ہیں۔ وزیراعظم نے کہا کہ حکومت عوام کو ریلیف فراہم کرنے کیلئے اقدامات کر رہی ہے اور اس سلسلے میں مختلف منصوبوں پر کام جاری ہے۔ اجلاس میں متعلقہ حکام نے بریفنگ دی اور آئندہ کے لائحہ عمل پر غور کیا گیا۔ ذرائع کے مطابق صوبائی حکومت نے بھی اس حوالے سے اقدامات کا اعلان کیا ہے جبکہ شہریوں نے مطالبہ کیا ہے کہ مسائل کے حل کیلئے فوری اقدامات کئے جائیں۔ پولیس کے مطابق واقعے کی تحقیقات جاری ہیں اور ملزمان کی گرفتاری کیلئے چھاپے مارے جا رہے ہیں۔
نمبر 21	پنجاب
وزیراعظم نے کہا کہ حکومت عوام کو ریلیف فراہم کرنے کیلئے اقدامات کر رہی ہے اور اس سلسلے میں مختلف منصوبوں پر کام جاری ہے۔ اجلاس میں متعلقہ حکام نے بریفنگ دی اور آئندہ کے لائحہ عمل پر غور کیا گیا۔ ذرائع کے مطابق صوبائی حکومت نے بھی اس حوالے سے اقدامات کا اعلان کیا ہے جبکہ شہریوں نے مطالبہ کیا ہے کہ مسائل کے حل کیلئے فوری اقدامات کئے جائیں۔ پولیس کے مطابق واقعے کی تحقیقات جاری ہیں اور ملزمان کی گرفتاری کیلئے چھاپے مارے جا رہے ہیں۔ وزیراعظم نے کہا کہ حکومت عوام کو ریلیف فراہم کرنے کیلئے اقدامات کر رہی ہے اور اس سلسلے میں مختلف منصوبوں پر کام جاری ہے۔ اجلاس میں متعلقہ حکام نے بریفنگ دی اور آئندہ کے لائحہ عمل پر غور کیا گیا۔ ذرائع کے مطابق صوبائی حکومت نے بھی اس حوالے سے اقدامات کا اعلان کیا ہے جبکہ شہریوں نے مطالبہ کیا ہے کہ مسائل کے حل کیلئے فوری اقدامات کئے جائیں۔ پولیس کے مطابق واقعے کی تحقیقات جاری ہیں اور ملزمان کی گرفتاری کیلئے چھاپے مارے جا رہے ہیں۔
نمبر 22	سیلاب
وزیراعظم نے کہا کہ حکومت عوام کو ریلیف فراہم کرنے کیلئے اقدامات کر رہی ہے اور اس سلسلے میں مختلف منصوبوں پر کام جاری ہے۔ اجلاس میں متعلقہ حکام نے بریفنگ دی اور آئندہ کے لائحہ عمل پر غور کیا گیا۔ ذرائع کے مطابق صوبائی حکومت نے بھی اس حوالے سے اقدامات کا اعلان کیا ہے جبکہ شہریوں نے مطالبہ کیا ہے کہ مسائل کے حل کیلئے فوری اقدامات کئے جائیں۔ پولیس کے مطابق واقعے کی تحقیقات جاری ہیں اور ملزمان کی گرفتاری کیلئے چھاپے مارے جا رہے ہیں۔ وزیراعظم نے کہا کہ حکومت عوام کو ریلیف فراہم کرنے کیلئے اقدامات کر رہی ہے اور اس سلسلے میں مختلف منصوبوں پر کام جاری ہے۔ اجلاس میں متعلقہ حکام نے بریفنگ دی اور آئندہ کے لائحہ عمل پر غور کیا گیا۔ ذرائع کے مطابق صوبائی حکومت نے بھی اس حوالے سے اقدامات کا اعلان کیا ہے جبکہ شہریوں نے مطالبہ کیا ہے کہ مسائل کے حل کیلئے فوری اقدامات کئے جائیں۔ پولیس کے مطابق واقعے کی تحقیقات جاری ہیں اور ملزمان کی گرفتاری کیلئے چھاپے مارے جا رہے ہیں۔
نمبر 23	عوام
وزیراعظم نے کہا کہ حکومت عوام کو ریلیف فراہم کرنے کیلئے اقدامات کر رہی ہے اور اس سلسلے میں مختلف منصوبوں پر کام جاری ہے۔ اجلاس میں متعلقہ حکام نے بریفنگ دی اور آئندہ کے لائحہ عمل پر غور کیا گیا۔ ذرائع کے مطابق صوبائی حکومت نے بھی اس حوالے سے اقدامات کا اعلان کیا ہے جبکہ شہریوں نے مطالبہ کیا ہے کہ مسائل کے حل کیلئے فوری اقدامات کئے جائیں۔ پولیس کے مطابق واقعے کی تحقیقات جاری ہیں اور ملزمان کی گرفتاری کیلئے چھاپے مارے جا رہے ہیں۔ وزیراعظم نے کہا کہ حکومت عوام کو ریلیف فراہم کرنے کیلئے اقدامات کر رہی ہے اور اس سلسلے میں مختلف منصوبوں پر کام جاری ہے۔ اجلاس میں متعلقہ حکام نے بریفنگ دی اور آئندہ کے لائحہ عمل پر غور کیا گیا۔ ذرائع کے مطابق صوبائی حکومت نے بھی اس حوالے سے اقدامات کا اعلان کیا ہے جبکہ شہریوں نے مطالبہ کیا ہے کہ مسائل کے حل کیلئے فوری اقدامات کئے جائیں۔ پولیس کے مطابق واقعے کی تحقیقات جاری ہیں اور ملزمان کی گرفتاری کیلئے چھاپے مارے جا رہے ہیں۔
وزیراعظم نے کہا کہ حکومت عوام کو ریلیف فراہم کرنے کیلئے اقدامات کر رہی ہے اور اس سلسلے میں مختلف منصوبوں پر کام جاری ہے۔ اجلاس میں متعلقہ حکام نے بریفنگ دی اور آئندہ کے لائحہ عمل پر غور کیا گیا۔ ذرائع کے مطابق صوبائی حکومت نے بھی اس حوالے سے اقدامات کا اعلان کیا ہے جبکہ شہریوں نے مطالبہ کیا ہے کہ مسائل کے حل کیلئے فوری اقدامات کئے جائیں۔ پولیس کے مطابق واقعے کی تحقیقات جاری ہیں اور ملزمان کی گرفتاری کیلئے چھاپے مارے جا رہے ہیں۔ وزیراعظم نے کہا کہ حکومت عوام کو ریلیف فراہم کرنے کیلئے اقدامات کر رہی ہے اور اس سلسلے میں مختلف منصوبوں پر کام جاری ہے۔ اجلاس میں متعلقہ حکام نے بریفنگ دی اور آئندہ کے لائحہ عمل پر غور کیا گیا۔ ذرائع کے مطابق صوبائی حکومت نے بھی اس حوالے سے اقدامات کا اعلان کیا ہے جبکہ شہریوں نے مطالبہ کیا ہے کہ مسائل کے حل کیلئے فوری اقدامات کئے جائیں۔ پولیس کے مطابق واقعے کی تحقیقات جاری ہیں اور ملزمان کی گرفتاری کیلئے چھاپے مارے جا رہے ہیں۔
نمبر 24	بجلی
وزیراعظم نے کہا کہ حکومت عوام کو ریلیف فراہم کرنے کیلئے اقدامات کر رہی ہے اور اس سلسلے میں مختلف منصوبوں پر کام جاری ہے۔ اجلاس میں متعلقہ حکام نے بریفنگ دی اور آئندہ کے لائحہ عمل پر غور کیا گیا۔ ذرائع کے مطابق صوبائی حکومت نے بھی اس حوالے سے اقدامات کا اعلان کیا ہے جبکہ شہریوں نے مطالبہ کیا ہے کہ مسائل کے حل کیلئے فوری اقدامات کئے جائیں۔ پولیس کے مطابق واقعے کی تحقیقات جاری ہیں اور ملزمان کی گرفتاری کیلئے چھاپے مارے جا رہے ہیں۔ وزیراعظم نے کہا کہ حکومت عوام کو ریلیف فراہم کرنے کیلئے اقدامات کر رہی ہے اور اس سلسلے میں مختلف منصوبوں پر کام جاری ہے۔ اجلاس میں متعلقہ حکام نے بریفنگ دی اور آئندہ کے لائحہ عمل پر غور کیا گیا۔ ذرائع کے مطابق صوبائی حکومت نے بھی اس حوالے سے اقدامات کا اعلان کیا ہے جبکہ شہریوں نے مطالبہ کیا ہے کہ مسائل کے حل کیلئے فوری اقدامات کئے جائیں۔ پولیس کے مطابق واقعے کی تحقیقات جاری ہیں اور ملزمان کی گرفتاری کیلئے چھاپے مارے جا رہے ہیں۔
نمبر 25	معیشت
وزیراعظم نے کہا کہ حکومت عوام کو ریلیف فراہم کرنے کیلئے اقدامات کر رہی ہے اور اس سلسلے میں مختلف منصوبوں پر کام جاری ہے۔ اجلاس میں متعلقہ حکام نے بریفنگ دی اور آئندہ کے لائحہ عمل پر غور کیا گیا۔ ذرائع کے مطابق صوبائی حکومت نے بھی اس حوالے سے اقدامات کا اعلان کیا ہے جبکہ شہریوں نے مطالبہ کیا ہے کہ مسائل کے حل کیلئے فوری اقدامات کئے جائیں۔ پولیس کے مطابق واقعے کی تحقیقات جاری ہیں اور ملزمان کی گرفتاری کیلئے چھاپے مارے جا رہے ہیں۔ وزیراعظم نے کہا کہ حکومت عوام کو ریلیف فراہم کرنے کیلئے اقدامات کر رہی ہے اور اس سلسلے میں مختلف منصوبوں پر کام جاری ہے۔ اجلاس میں متعلقہ حکام نے بریفنگ دی اور آئندہ کے لائحہ عمل پر غور کیا گیا۔ ذرائع کے مطابق صوبائی حکومت نے بھی اس حوالے سے اقدامات کا اعلان کیا ہے جبکہ شہریوں نے مطالبہ کیا ہے کہ مسائل کے حل کیلئے فوری اقدامات کئے جائیں۔ پولیس کے مطابق واقعے کی تحقیقات جاری ہیں اور ملزمان کی گرفتاری کیلئے چھاپے مارے جا رہے ہیں۔
نمبر 26	تجارت
وزیراعظم نے کہا کہ حکومت عوام کو ریلیف فراہم کرنے کیلئے اقدامات کر رہی ہے اور اس سلسلے میں مختلف منصوبوں پر کام جاری ہے۔ اجلاس میں متعلقہ حکام نے بریفنگ دی اور آئندہ کے لائحہ عمل پر غور کیا گیا۔ ذرائع کے مطابق صوبائی حکومت نے بھی اس حوالے سے اقدامات کا اعلان کیا ہے جبکہ شہریوں نے مطالبہ کیا ہے کہ مسائل کے حل کیلئے فوری اقدامات کئے جائیں۔ پولیس کے مطابق واقعے کی تحقیقات جاری ہیں اور ملزمان کی گرفتاری کیلئے چھاپے مارے جا رہے ہیں۔ وزیراعظم نے کہا کہ حکومت عوام کو ریلیف فراہم کرنے کیلئے اقدامات کر رہی ہے اور اس سلسلے میں مختلف منصوبوں پر کام جاری ہے۔ اجلاس میں متعلقہ حکام نے بریفنگ دی اور آئندہ کے لائحہ عمل پر غور کیا گیا۔ ذرائع کے مطابق صوبائی حکومت نے بھی اس حوالے سے اقدامات کا اعلان کیا ہے جبکہ شہریوں نے مطالبہ کیا ہے کہ مسائل کے حل کیلئے فوری اقدامات کئے جائیں۔ پولیس کے مطابق واقعے کی تحقیقات جاری ہیں اور ملزمان کی گرفتاری کیلئے چھاپے مارے جا رہے ہیں۔
نمبر 27	گیس
وزیراعظم نے کہا کہ حکومت عوام کو ریلیف فراہم کرنے کیلئے اقدامات کر رہی ہے اور اس سلسلے میں مختلف منصوبوں پر کام جاری ہے۔ اجلاس میں متعلقہ حکام نے بریفنگ دی اور آئندہ کے لائحہ عمل پر غور کیا گیا۔ ذرائع کے مطابق صوبائی حکومت نے بھی اس حوالے سے اقدامات کا اعلان کیا ہے جبکہ شہریوں نے مطالبہ کیا ہے کہ مسائل کے حل کیلئے فوری اقدامات کئے جائیں۔ پولیس کے مطابق واقعے کی تحقیقات جاری ہیں اور ملزمان کی گرفتاری کیلئے چھاپے مارے جا رہے ہیں۔ وزیراعظم نے کہا کہ حکومت عوام کو ریلیف فراہم کرنے کیلئے اقدامات کر رہی ہے اور اس سلسلے میں مختلف منصوبوں پر کام جاری ہے۔ اجلاس میں متعلقہ حکام نے بریفنگ دی اور آئندہ کے لائحہ عمل پر غور کیا گیا۔ ذرائع کے مطابق صوبائی حکومت نے بھی اس حوالے سے اقدامات کا اعلان کیا ہے جبکہ شہریوں نے مطالبہ کیا ہے کہ مسائل کے حل کیلئے فوری اقدامات کئے جائیں۔ پولیس کے مطابق واقعے کی تحقیقات جاری ہیں اور ملزمان کی گرفتاری کیلئے چھاپے مارے جا رہے ہیں۔
نمبر 28	مہنگائی
وزیراعظم نے کہا کہ حکومت عوام کو ریلیف فراہم کرنے کیلئے اقدامات کر رہی ہے اور اس سلسلے میں مختلف منصوبوں پر کام جاری ہے۔ اجلاس میں متعلقہ حکام نے بریفنگ دی اور آئندہ کے لائحہ عمل پر غور کیا گیا۔ ذرائع کے مطابق صوبائی حکومت نے بھی اس حوالے سے اقدامات کا اعلان کیا ہے جبکہ شہریوں نے مطالبہ کیا ہے کہ مسائل کے حل کیلئے فوری اقدامات کئے جائیں۔ پولیس کے مطابق واقعے کی تحقیقات جاری ہیں اور ملزمان کی گرفتاری کیلئے چھاپے مارے جا رہے ہیں۔ وزیراعظم نے کہا کہ حکومت عوام کو ریلیف فراہم کرنے کیلئے اقدامات کر رہی ہے اور اس سلسلے میں مختلف منصوبوں پر کام جاری ہے۔ اجلاس میں متعلقہ حکام نے بریفنگ دی اور آئندہ کے لائحہ عمل پر غور کیا گیا۔ ذرائع کے مطابق صوبائی حکومت نے بھی اس حوالے سے اقدامات کا اعلان کیا ہے جبکہ شہریوں نے مطالبہ کیا ہے کہ مسائل کے حل کیلئے فوری اقدامات کئے جائیں۔ پولیس کے مطابق واقعے کی تحقیقات جاری ہیں اور ملزمان کی گرفتاری کیلئے چھاپے مارے جا رہے ہیں۔
نمبر 29	ملازمین
وزیراعظم نے کہا کہ حکومت عوام کو ریلیف فراہم کرنے کیلئے اقدامات کر رہی ہے اور اس سلسلے میں مختلف منصوبوں پر کام جاری ہے۔ اجلاس میں متعلقہ حکام نے بریفنگ دی اور آئندہ کے لائحہ عمل پر غور کیا گیا۔ ذرائع کے مطابق صوبائی حکومت نے بھی اس حوالے سے اقدامات کا اعلان کیا ہے جبکہ شہریوں نے مطالبہ کیا ہے کہ مسائل کے حل کیلئے فوری اقدامات کئے جائیں۔ پولیس کے مطابق واقعے کی تحقیقات جاری ہیں اور ملزمان کی گرفتاری کیلئے چھاپے مارے جا رہے ہیں۔ وزیراعظم نے کہا کہ حکومت عوام کو ریلیف فراہم کرنے کیلئے اقدامات کر رہی ہے اور اس سلسلے میں مختلف منصوبوں پر کام جاری ہے۔ اجلاس میں متعلقہ حکام نے بریفنگ دی اور آئندہ کے لائحہ عمل پر غور کیا گیا۔ ذرائع کے مطابق صوبائی حکومت نے بھی اس حوالے سے اقدامات کا اعلان کیا ہے جبکہ شہریوں نے مطالبہ کیا ہے کہ مسائل کے حل کیلئے فوری اقدامات کئے جائیں۔ پولیس کے مطابق واقعے کی تحقیقات جاری ہیں اور ملزمان کی گرفتاری کیلئے چھاپے مارے جا رہے ہیں۔
وزیراعظم نے کہا کہ حکومت عوام کو ریلیف فراہم کرنے کیلئے اقدامات کر رہی ہے اور اس سلسلے میں مختلف منصوبوں پر کام جاری ہے۔ اجلاس میں متعلقہ حکام نے بریفنگ دی اور آئندہ کے لائحہ عمل پر غور کیا گیا۔ ذرائع کے مطابق صوبائی حکومت نے بھی اس حوالے سے اقدامات کا اعلان کیا ہے جبکہ شہریوں نے مطالبہ کیا ہے کہ مسائل کے حل کیلئے فوری اقدامات کئے جائیں۔ پولیس کے مطابق واقعے کی تحقیقات جاری ہیں اور ملزمان کی گرفتاری کیلئے چھاپے مارے جا رہے ہیں۔ وزیراعظم نے کہا کہ حکومت عوام کو ریلیف فراہم کرنے کیلئے اقدامات کر رہی ہے اور اس سلسلے میں مختلف منصوبوں پر کام جاری ہے۔ اجلاس میں متعلقہ حکام نے بریفنگ دی اور آئندہ کے لائحہ عمل پر غور کیا گیا۔ ذرائع کے مطابق صوبائی حکومت نے بھی اس حوالے سے اقدامات کا اعلان کیا ہے جبکہ شہریوں نے مطالبہ کیا ہے کہ مسائل کے حل کیلئے فوری اقدامات کئے جائیں۔ پولیس کے مطابق واقعے کی تحقیقات جاری ہیں اور ملزمان کی گرفتاری کیلئے چھاپے مارے جا رہے ہیں۔ وزیراعظم نے کہا کہ حکومت عوام کو ریلیف فراہم کرنے کیلئے اقدامات کر رہی ہے اور اس سلسلے میں مختلف منصوبوں پر کام جاری ہے۔ اجلاس میں متعلقہ حکام نے بریفنگ دی اور آئندہ کے لائحہ عمل پر غور کیا گیا۔ ذرائع کے مطابق صوبائی حکومت نے بھی اس حوالے سے اقدامات کا اعلان کیا ہے جبکہ شہریوں نے مطالبہ کیا ہے کہ مسائل کے حل کیلئے فوری اقدامات کئے جائیں۔ پولیس کے مطابق واقعے کی تحقیقات جاری ہیں اور ملزمان کی گرفتاری کیلئے چھاپے مارے جا رہے ہیں۔
نمبر 30	اسمبلی
وزیراعظم نے کہا کہ حکومت عوام کو ریلیف فراہم کرنے کیلئے اقدامات کر رہی ہے اور اس سلسلے میں مختلف منصوبوں پر کام جاری ہے۔ اجلاس میں متعلقہ حکام نے بریفنگ دی اور آئندہ کے لائحہ عمل پر غور کیا گیا۔ ذرائع کے مطابق صوبائی حکومت نے بھی اس حوالے سے اقدامات کا اعلان کیا ہے جبکہ شہریوں نے مطالبہ کیا ہے کہ مسائل کے حل کیلئے فوری اقدامات کئے جائیں۔ پولیس کے مطابق واقعے کی تحقیقات جاری ہیں اور ملزمان کی گرفتاری کیلئے چھاپے مارے جا رہے ہیں۔ وزیراعظم نے کہا کہ حکومت عوام کو ریلیف فراہم کرنے کیلئے اقدامات کر رہی ہے اور اس سلسلے میں مختلف منصوبوں پر کام جاری ہے۔ اجلاس میں متعلقہ حکام نے بریفنگ دی اور آئندہ کے لائحہ عمل پر غور کیا گیا۔ ذرائع کے مطابق صوبائی حکومت نے بھی اس حوالے سے اقدامات کا اعلان کیا ہے جبکہ شہریوں نے مطالبہ کیا ہے کہ مسائل کے حل کیلئے فوری اقدامات کئے جائیں۔ پولیس کے مطابق واقعے کی تحقیقات جاری ہیں اور ملزمان کی گرفتاری کیلئے چھاپے مارے جا رہے ہیں۔ وزیراعظم نے کہا کہ حکومت عوام کو ریلیف فراہم کرنے کیلئے اقدامات کر رہی ہے اور اس سلسلے میں مختلف منصوبوں پر کام جاری ہے۔ اجلاس میں متعلقہ حکام نے بریفنگ دی اور آئندہ کے لائحہ عمل پر غور کیا گیا۔ ذرائع کے مطابق صوبائی حکومت نے بھی اس حوالے سے اقدامات کا اعلان کیا ہے جبکہ شہریوں نے مطالبہ کیا ہے کہ مسائل کے حل کیلئے فوری اقدامات کئے جائیں۔ پولیس کے مطابق واقعے کی تحقیقات جاری ہیں اور ملزمان کی گرفتاری کیلئے چھاپے مارے جا رہے ہیں۔
نمبر 31	کنٹونمنٹ
وزیراعظم نے کہا کہ حکومت عوام کو ریلیف فراہم کرنے کیلئے اقدامات کر رہی ہے اور اس سلسلے میں مختلف منصوبوں پر کام جاری ہے۔ اجلاس میں متعلقہ حکام نے بریفنگ دی اور آئندہ کے لائحہ عمل پر غور کیا گیا۔ ذرائع کے مطابق صوبائی حکومت نے بھی اس حوالے سے اقدامات کا اعلان کیا ہے جبکہ شہریوں نے مطالبہ کیا ہے کہ مسائل کے حل کیلئے فوری اقدامات کئے جائیں۔ پولیس کے مطابق واقعے کی تحقیقات جاری ہیں اور ملزمان کی گرفتاری کیلئے چھاپے مارے جا رہے ہیں۔ وزیراعظم نے کہا کہ حکومت عوام کو ریلیف فراہم کرنے کیلئے اقدامات کر رہی ہے اور اس سلسلے میں مختلف منصوبوں پر کام جاری ہے۔ اجلاس میں متعلقہ حکام نے بریفنگ دی اور آئندہ کے لائحہ عمل پر غور کیا گیا۔ ذرائع کے مطابق صوبائی حکومت نے بھی اس حوالے سے اقدامات کا اعلان کیا ہے جبکہ شہریوں نے مطالبہ کیا ہے کہ مسائل کے حل کیلئے فوری اقدامات کئے جائیں۔ پولیس کے مطابق واقعے کی تحقیقات جاری ہیں اور ملزمان کی گرفتاری کیلئے چھاپے مارے جا رہے ہیں۔ وزیراعظم نے کہا کہ حکومت عوام کو ریلیف فراہم کرنے کیلئے اقدامات کر رہی ہے اور اس سلسلے میں مختلف منصوبوں پر کام جاری ہے۔ اجلاس میں متعلقہ حکام نے بریفنگ دی اور آئندہ کے لائحہ عمل پر غور کیا گیا۔ ذرائع کے مطابق صوبائی حکومت نے بھی اس حوالے سے اقدامات کا اعلان کیا ہے جبکہ شہریوں نے مطالبہ کیا ہے کہ مسائل کے حل کیلئے فوری اقدامات کئے جائیں۔ پولیس کے مطابق واقعے کی تحقیقات جاری ہیں اور ملزمان کی گرفتاری کیلئے چھاپے مارے جا رہے ہیں۔
نمبر 32	معاہدہ
وزیراعظم نے کہا کہ حکومت عوام کو ریلیف فراہم کرنے کیلئے اقدامات کر رہی ہے اور اس سلسلے میں مختلف منصوبوں پر کام جاری ہے۔ اجلاس میں متعلقہ حکام نے بریفنگ دی اور آئندہ کے لائحہ عمل پر غور کیا گیا۔ ذرائع کے مطابق صوبائی حکومت نے بھی اس حوالے سے اقدامات کا اعلان کیا ہے جبکہ شہریوں نے مطالبہ کیا ہے کہ مسائل کے حل کیلئے فوری اقدامات کئے جائیں۔ پولیس کے مطابق واقعے کی تحقیقات جاری ہیں اور ملزمان کی گرفتاری کیلئے چھاپے مارے جا رہے ہیں۔ وزیراعظم نے کہا کہ حکومت عوام کو ریلیف فراہم کرنے کیلئے اقدامات کر رہی ہے اور اس سلسلے میں مختلف منصوبوں پر کام جاری ہے۔ اجلاس میں متعلقہ حکام نے بریفنگ دی اور آئندہ کے لائحہ عمل پر غور کیا گیا۔ ذرائع کے مطابق صوبائی حکومت نے بھی اس حوالے سے اقدامات کا اعلان کیا ہے جبکہ شہریوں نے مطالبہ کیا ہے کہ مسائل کے حل کیلئے فوری اقدامات کئے جائیں۔ پولیس کے مطابق واقعے کی تحقیقات جاری ہیں اور ملزمان کی گرفتاری کیلئے چھاپے مارے جا رہے ہیں۔ وزیراعظم نے کہا کہ حکومت عوام کو ریلیف فراہم کرنے کیلئے اقدامات کر رہی ہے اور اس سلسلے میں مختلف منصوبوں پر کام جاری ہے۔ اجلاس میں متعلقہ حکام نے بریفنگ دی اور آئندہ کے لائحہ عمل پر غور کیا گیا۔ ذرائع کے مطابق صوبائی حکومت نے بھی اس حوالے سے اقدامات کا اعلان کیا ہے جبکہ شہریوں نے مطالبہ کیا ہے کہ مسائل کے حل کیلئے فوری اقدامات کئے جائیں۔ پولیس کے مطابق واقعے کی تحقیقات جاری ہیں اور ملزمان کی گرفتاری کیلئے چھاپے مارے جا رہے ہیں۔
نمبر 33	کراچی
وزیراعظم نے کہا کہ حکومت عوام کو ریلیف فراہم کرنے کیلئے اقدامات کر رہی ہے اور اس سلسلے میں مختلف منصوبوں پر کام جاری ہے۔ اجلاس میں متعلقہ حکام نے بریفنگ دی اور آئندہ کے لائحہ عمل پر غور کیا گیا۔ ذرائع کے مطابق صوبائی حکومت نے بھی اس حوالے سے اقدامات کا اعلان کیا ہے جبکہ شہریوں نے مطالبہ کیا ہے کہ مسائل کے حل کیلئے فوری اقدامات کئے جائیں۔ پولیس کے مطابق واقعے کی تحقیقات جاری ہیں اور ملزمان کی گرفتاری کیلئے چھاپے مارے جا رہے ہیں۔ وزیراعظم نے کہا کہ حکومت عوام کو ریلیف فراہم کرنے کیلئے اقدامات کر رہی ہے اور اس سلسلے میں مختلف منصوبوں پر کام جاری ہے۔ اجلاس میں متعلقہ حکام نے بریفنگ دی اور آئندہ کے لائحہ عمل پر غور کیا گیا۔ ذرائع کے مطابق صوبائی حکومت نے بھی اس حوالے سے اقدامات کا اعلان کیا ہے جبکہ شہریوں نے مطالبہ کیا ہے کہ مسائل کے حل کیلئے فوری اقدامات کئے جائیں۔ پولیس کے مطابق واقعے کی تحقیقات جاری ہیں اور ملزمان کی گرفتاری کیلئے چھاپے مارے جا رہے ہیں۔ وزیراعظم نے کہا کہ حکومت عوام کو ریلیف فراہم کرنے کیلئے اقدامات کر رہی ہے اور اس سلسلے میں مختلف منصوبوں پر کام جاری ہے۔ اجلاس میں متعلقہ حکام نے بریفنگ دی اور آئندہ کے لائحہ عمل پر غور کیا گیا۔ ذرائع کے مطابق صوبائی حکومت نے بھی اس حوالے سے اقدامات کا اعلان کیا ہے جبکہ شہریوں نے مطالبہ کیا ہے کہ مسائل کے حل کیلئے فوری اقدامات کئے جائیں۔ پولیس کے مطابق واقعے کی تحقیقات جاری ہیں اور ملزمان کی گرفتاری کیلئے چھاپے مارے جا رہے ہیں۔
نمبر 34	سیکیورٹی
وزیراعظم نے کہا کہ حکومت عوام کو ریلیف فراہم کرنے کیلئے اقدامات کر رہی ہے اور اس سلسلے میں مختلف منصوبوں پر کام جاری ہے۔ اجلاس میں متعلقہ حکام نے بریفنگ دی اور آئندہ کے لائحہ عمل پر غور کیا گیا۔ ذرائع کے مطابق صوبائی حکومت نے بھی اس حوالے سے اقدامات کا اعلان کیا ہے جبکہ شہریوں نے مطالبہ کیا ہے کہ مسائل کے حل کیلئے فوری اقدامات کئے جائیں۔ پولیس کے مطابق واقعے کی تحقیقات جاری ہیں اور ملزمان کی گرفتاری کیلئے چھاپے مارے جا رہے ہیں۔ وزیراعظم نے کہا کہ حکومت عوام کو ریلیف فراہم کرنے کیلئے اقدامات کر رہی ہے اور اس سلسلے میں مختلف منصوبوں پر کام جاری ہے۔ اجلاس میں متعلقہ حکام نے بریفنگ دی اور آئندہ کے لائحہ عمل پر غور کیا گیا۔ ذرائع کے مطابق صوبائی حکومت نے بھی اس حوالے سے اقدامات کا اعلان کیا ہے جبکہ شہریوں نے مطالبہ کیا ہے کہ مسائل کے حل کیلئے فوری اقدامات کئے جائیں۔ پولیس کے مطابق واقعے کی تحقیقات جاری ہیں اور ملزمان کی گرفتاری کیلئے چھاپے مارے جا رہے ہیں۔ وزیراعظم نے کہا کہ حکومت عوام کو ریلیف فراہم کرنے کیلئے اقدامات کر رہی ہے اور اس سلسلے میں مختلف منصوبوں پر کام جاری ہے۔ اجلاس میں متعلقہ حکام نے بریفنگ دی اور آئندہ کے لائحہ عمل پر غور کیا گیا۔ ذرائع کے مطابق صوبائی حکومت نے بھی اس حوالے سے اقدامات کا اعلان کیا ہے جبکہ شہریوں نے مطالبہ کیا ہے کہ مسائل کے حل کیلئے فوری اقدامات کئے جائیں۔ پولیس کے مطابق واقعے کی تحقیقات جاری ہیں اور ملزمان کی گرفتاری کیلئے چھاپے مارے جا رہے ہیں۔
وزیراعظم نے کہا کہ حکومت عوام کو ریلیف فراہم کرنے کیلئے اقدامات کر رہی ہے اور اس سلسلے میں مختلف منصوبوں پر کام جاری ہے۔ اجلاس میں متعلقہ حکام نے بریفنگ دی اور آئندہ کے لائحہ عمل پر غور کیا گیا۔ ذرائع کے مطابق صوبائی حکومت نے بھی اس حوالے سے اقدامات کا اعلان کیا ہے جبکہ شہریوں نے مطالبہ کیا ہے کہ مسائل کے حل کیلئے فوری اقدامات کئے جائیں۔ پولیس کے مطابق واقعے کی تحقیقات جاری ہیں اور ملزمان کی گرفتاری کیلئے چھاپے مارے جا رہے ہیں۔ وزیراعظم نے کہا کہ حکومت عوام کو ریلیف فراہم کرنے کیلئے اقدامات کر رہی ہے اور اس سلسلے میں مختلف منصوبوں پر کام جاری ہے۔ اجلاس میں متعلقہ حکام نے بریفنگ دی اور آئندہ کے لائحہ عمل پر غور کیا گیا۔ ذرائع کے مطابق صوبائی حکومت نے بھی اس حوالے سے اقدامات کا اعلان کیا ہے جبکہ شہریوں نے مطالبہ کیا ہے کہ مسائل کے حل کیلئے فوری اقدامات کئے جائیں۔ پولیس کے مطابق واقعے کی تحقیقات جاری ہیں اور ملزمان کی گرفتاری کیلئے چھاپے مارے جا رہے ہیں۔
نمبر 35	پانی
وزیراعظم نے کہا کہ حکومت عوام کو ریلیف فراہم کرنے کیلئے اقدامات کر رہی ہے اور اس سلسلے میں مختلف منصوبوں پر کام جاری ہے۔ اجلاس میں متعلقہ حکام نے بریفنگ دی اور آئندہ کے لائحہ عمل پر غور کیا گیا۔ ذرائع کے مطابق صوبائی حکومت نے بھی اس حوالے سے اقدامات کا اعلان کیا ہے جبکہ شہریوں نے مطالبہ کیا ہے کہ مسائل کے حل کیلئے فوری اقدامات کئے جائیں۔ پولیس کے مطابق واقعے کی تحقیقات جاری ہیں اور ملزمان کی گرفتاری کیلئے چھاپے مارے جا رہے ہیں۔ وزیراعظم نے کہا کہ حکومت عوام کو ریلیف فراہم کرنے کیلئے اقدامات کر رہی ہے اور اس سلسلے میں مختلف منصوبوں پر کام جاری ہے۔ اجلاس میں متعلقہ حکام نے بریفنگ دی اور آئندہ کے لائحہ عمل پر غور کیا گیا۔ ذرائع کے مطابق صوبائی حکومت نے بھی اس حوالے سے اقدامات کا اعلان کیا ہے جبکہ شہریوں نے مطالبہ کیا ہے کہ مسائل کے حل کیلئے فوری اقدامات کئے جائیں۔ پولیس کے مطابق واقعے کی تحقیقات جاری ہیں اور ملزمان کی گرفتاری کیلئے چھاپے مارے جا رہے ہیں۔
نمبر 36	ٹارگٹ کلنگ
وزیراعظم نے کہا کہ حکومت عوام کو ریلیف فراہم کرنے کیلئے اقدامات کر رہی ہے اور اس سلسلے میں مختلف منصوبوں پر کام جاری ہے۔ اجلاس میں متعلقہ حکام نے بریفنگ دی اور آئندہ کے لائحہ عمل پر غور کیا گیا۔ ذرائع کے مطابق صوبائی حکومت نے بھی اس حوالے سے اقدامات کا اعلان کیا ہے جبکہ شہریوں نے مطالبہ کیا ہے کہ مسائل کے حل کیلئے فوری اقدامات کئے جائیں۔ پولیس کے مطابق واقعے کی تحقیقات جاری ہیں اور ملزمان کی گرفتاری کیلئے چھاپے مارے جا رہے ہیں۔ وزیراعظم نے کہا کہ حکومت عوام کو ریلیف فراہم کرنے کیلئے اقدامات کر رہی ہے اور اس سلسلے میں مختلف منصوبوں پر کام جاری ہے۔ اجلاس میں متعلقہ حکام نے بریفنگ دی اور آئندہ کے لائحہ عمل پر غور کیا گیا۔ ذرائع کے مطابق صوبائی حکومت نے بھی اس حوالے سے اقدامات کا اعلان کیا ہے جبکہ شہریوں نے مطالبہ کیا ہے کہ مسائل کے حل کیلئے فوری اقدامات کئے جائیں۔ پولیس کے مطابق واقعے کی تحقیقات جاری ہیں اور ملزمان کی گرفتاری کیلئے چھاپے مارے جا رہے ہیں۔
نمبر 37	جرائم
وزیراعظم نے کہا کہ حکومت عوام کو ریلیف فراہم کرنے کیلئے اقدامات کر رہی ہے اور اس سلسلے میں مختلف منصوبوں پر کام جاری ہے۔ اجلاس میں متعلقہ حکام نے بریفنگ دی اور آئندہ کے لائحہ عمل پر غور کیا گیا۔ ذرائع کے مطابق صوبائی حکومت نے بھی اس حوالے سے اقدامات کا اعلان کیا ہے جبکہ شہریوں نے مطالبہ کیا ہے کہ مسائل کے حل کیلئے فوری اقدامات کئے جائیں۔ پولیس کے مطابق واقعے کی تحقیقات جاری ہیں اور ملزمان کی گرفتاری کیلئے چھاپے مارے جا رہے ہیں۔ وزیراعظم نے کہا کہ حکومت عوام کو ریلیف فراہم کرنے کیلئے اقدامات کر رہی ہے اور اس سلسلے میں مختلف منصوبوں پر کام جاری ہے۔ اجلاس میں متعلقہ حکام نے بریفنگ دی اور آئندہ کے لائحہ عمل پر غور کیا گیا۔ ذرائع کے مطابق صوبائی حکومت نے بھی اس حوالے سے اقدامات کا اعلان کیا ہے جبکہ شہریوں نے مطالبہ کیا ہے کہ مسائل کے حل کیلئے فوری اقدامات کئے جائیں۔ پولیس کے مطابق واقعے کی تحقیقات جاری ہیں اور ملزمان کی گرفتاری کیلئے چھاپے مارے جا رہے ہیں۔
نمبر 38	الیکشن
وزیراعظم نے کہا کہ حکومت عوام کو ریلیف فراہم کرنے کیلئے اقدامات کر رہی ہے اور اس سلسلے میں مختلف منصوبوں پر کام جاری ہے۔ اجلاس میں متعلقہ حکام نے بریفنگ دی اور آئندہ کے لائحہ عمل پر غور کیا گیا۔ ذرائع کے مطابق صوبائی حکومت نے بھی اس حوالے سے اقدامات کا اعلان کیا ہے جبکہ شہریوں نے مطالبہ کیا ہے کہ مسائل کے حل کیلئے فوری اقدامات کئے جائیں۔ پولیس کے مطابق واقعے کی تحقیقات جاری ہیں اور ملزمان کی گرفتاری کیلئے چھاپے مارے جا رہے ہیں۔ وزیراعظم نے کہا کہ حکومت عوام کو ریلیف فراہم کرنے کیلئے اقدامات کر رہی ہے اور اس سلسلے میں مختلف منصوبوں پر کام جاری ہے۔ اجلاس میں متعلقہ حکام نے بریفنگ دی اور آئندہ کے لائحہ عمل پر غور کیا گیا۔ ذرائع کے مطابق صوبائی حکومت نے بھی اس حوالے سے اقدامات کا اعلان کیا ہے جبکہ شہریوں نے مطالبہ کیا ہے کہ مسائل کے حل کیلئے فوری اقدامات کئے جائیں۔ پولیس کے مطابق واقعے کی تحقیقات جاری ہیں اور ملزمان کی گرفتاری کیلئے چھاپے مارے جا رہے ہیں۔
نمبر 39	ٹریفک
وزیراعظم نے کہا کہ حکومت عوام کو ریلیف فراہم کرنے کیلئے اقدامات کر رہی ہے اور اس سلسلے میں مختلف منصوبوں پر کام جاری ہے۔ اجلاس میں متعلقہ حکام نے بریفنگ دی اور آئندہ کے لائحہ عمل پر غور کیا گیا۔ ذرائع کے مطابق صوبائی حکومت نے بھی اس حوالے سے اقدامات کا اعلان کیا ہے جبکہ شہریوں نے مطالبہ کیا ہے کہ مسائل کے حل کیلئے فوری اقدامات کئے جائیں۔ پولیس کے مطابق واقعے کی تحقیقات جاری ہیں اور ملزمان کی گرفتاری کیلئے چھاپے مارے جا رہے ہیں۔ وزیراعظم نے کہا کہ حکومت عوام کو ریلیف فراہم کرنے کیلئے اقدامات کر رہی ہے اور اس سلسلے میں مختلف منصوبوں پر کام جاری ہے۔ اجلاس میں متعلقہ حکام نے بریفنگ دی اور آئندہ کے لائحہ عمل پر غور کیا گیا۔ ذرائع کے مطابق صوبائی حکومت نے بھی اس حوالے سے اقدامات کا اعلان کیا ہے جبکہ شہریوں نے مطالبہ کیا ہے کہ مسائل کے حل کیلئے فوری اقدامات کئے جائیں۔ پولیس کے مطابق واقعے کی تحقیقات جاری ہیں اور ملزمان کی گرفتاری کیلئے چھاپے مارے جا رہے ہیں۔
نمبر 40	ملزمان
وزیراعظم نے کہا کہ حکومت عوام کو ریلیف فراہم کرنے کیلئے اقدامات کر رہی ہے اور اس سلسلے میں مختلف منصوبوں پر کام جاری ہے۔ اجلاس میں متعلقہ حکام نے بریفنگ دی اور آئندہ کے لائحہ عمل پر غور کیا گیا۔ ذرائع کے مطابق صوبائی حکومت نے بھی اس حوالے سے اقدامات کا اعلان کیا ہے جبکہ شہریوں نے مطالبہ کیا ہے کہ مسائل کے حل کیلئے فوری اقدامات کئے جائیں۔ پولیس کے مطابق واقعے کی تحقیقات جاری ہیں اور ملزمان کی گرفتاری کیلئے چھاپے مارے جا رہے ہیں۔ وزیراعظم نے کہا کہ حکومت عوام کو ریلیف فراہم کرنے کیلئے اقدامات کر رہی ہے اور اس سلسلے میں مختلف منصوبوں پر کام جاری ہے۔ اجلاس میں متعلقہ حکام نے بریفنگ دی اور آئندہ کے لائحہ عمل پر غور کیا گیا۔ ذرائع کے مطابق صوبائی حکومت نے بھی اس حوالے سے اقدامات کا اعلان کیا ہے جبکہ شہریوں نے مطالبہ کیا ہے کہ مسائل کے حل کیلئے فوری اقدامات کئے جائیں۔ پولیس کے مطابق واقعے کی تحقیقات جاری ہیں اور ملزمان کی گرفتاری کیلئے چھاپے مارے جا رہے ہیں۔
نمبر 41	ہلاک
وزیراعظم نے کہا کہ حکومت عوام کو ریلیف فراہم کرنے کیلئے اقدامات کر رہی ہے اور اس سلسلے میں مختلف منصوبوں پر کام جاری ہے۔ اجلاس میں متعلقہ حکام نے بریفنگ دی اور آئندہ کے لائحہ عمل پر غور کیا گیا۔ ذرائع کے مطابق صوبائی حکومت نے بھی اس حوالے سے اقدامات کا اعلان کیا ہے جبکہ شہریوں نے مطالبہ کیا ہے کہ مسائل کے حل کیلئے فوری اقدامات کئے جائیں۔ پولیس کے مطابق واقعے کی تحقیقات جاری ہیں اور ملزمان کی گرفتاری کیلئے چھاپے مارے جا رہے ہیں۔ وزیراعظم نے کہا کہ حکومت عوام کو ریلیف فراہم کرنے کیلئے اقدامات کر رہی ہے اور اس سلسلے میں مختلف منصوبوں پر کام جاری ہے۔ اجلاس میں متعلقہ حکام نے بریفنگ دی اور آئندہ کے لائحہ عمل پر غور کیا گیا۔ ذرائع کے مطابق صوبائی حکومت نے بھی اس حوالے سے اقدامات کا اعلان کیا ہے جبکہ شہریوں نے مطالبہ کیا ہے کہ مسائل کے حل کیلئے فوری اقدامات کئے جائیں۔ پولیس کے مطابق واقعے کی تحقیقات جاری ہیں اور ملزمان کی گرفتاری کیلئے چھاپے مارے جا رہے ہیں۔
